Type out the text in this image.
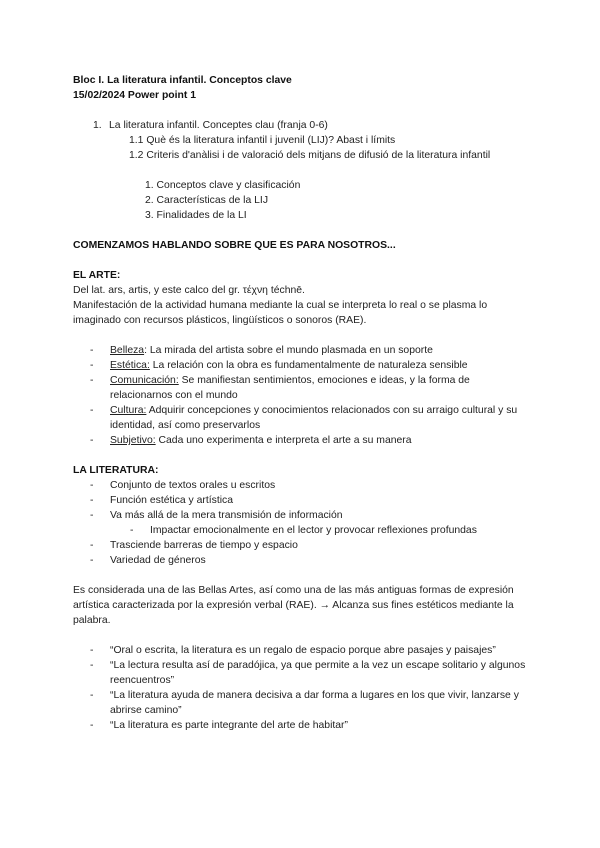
Bloc I. La literatura infantil. Conceptos clave
15/02/2024 Power point 1
1. La literatura infantil. Conceptes clau (franja 0-6)
1.1 Què és la literatura infantil i juvenil (LIJ)? Abast i límits
1.2 Criteris d'anàlisi i de valoració dels mitjans de difusió de la literatura infantil
1. Conceptos clave y clasificación
2. Características de la LIJ
3. Finalidades de la LI
COMENZAMOS HABLANDO SOBRE QUE ES PARA NOSOTROS...
EL ARTE:
Del lat. ars, artis, y este calco del gr. τέχνη téchnē.
Manifestación de la actividad humana mediante la cual se interpreta lo real o se plasma lo imaginado con recursos plásticos, lingüísticos o sonoros (RAE).
-	Belleza: La mirada del artista sobre el mundo plasmada en un soporte
-	Estética: La relación con la obra es fundamentalmente de naturaleza sensible
-	Comunicación: Se manifiestan sentimientos, emociones e ideas, y la forma de relacionarnos con el mundo
-	Cultura: Adquirir concepciones y conocimientos relacionados con su arraigo cultural y su identidad, así como preservarlos
-	Subjetivo: Cada uno experimenta e interpreta el arte a su manera
LA LITERATURA:
-	Conjunto de textos orales u escritos
-	Función estética y artística
-	Va más allá de la mera transmisión de información
-	Impactar emocionalmente en el lector y provocar reflexiones profundas
-	Trasciende barreras de tiempo y espacio
-	Variedad de géneros
Es considerada una de las Bellas Artes, así como una de las más antiguas formas de expresión artística caracterizada por la expresión verbal (RAE). → Alcanza sus fines estéticos mediante la palabra.
-	“Oral o escrita, la literatura es un regalo de espacio porque abre pasajes y paisajes”
-	“La lectura resulta así de paradójica, ya que permite a la vez un escape solitario y algunos reencuentros”
-	“La literatura ayuda de manera decisiva a dar forma a lugares en los que vivir, lanzarse y abrirse camino”
-	“La literatura es parte integrante del arte de habitar”
